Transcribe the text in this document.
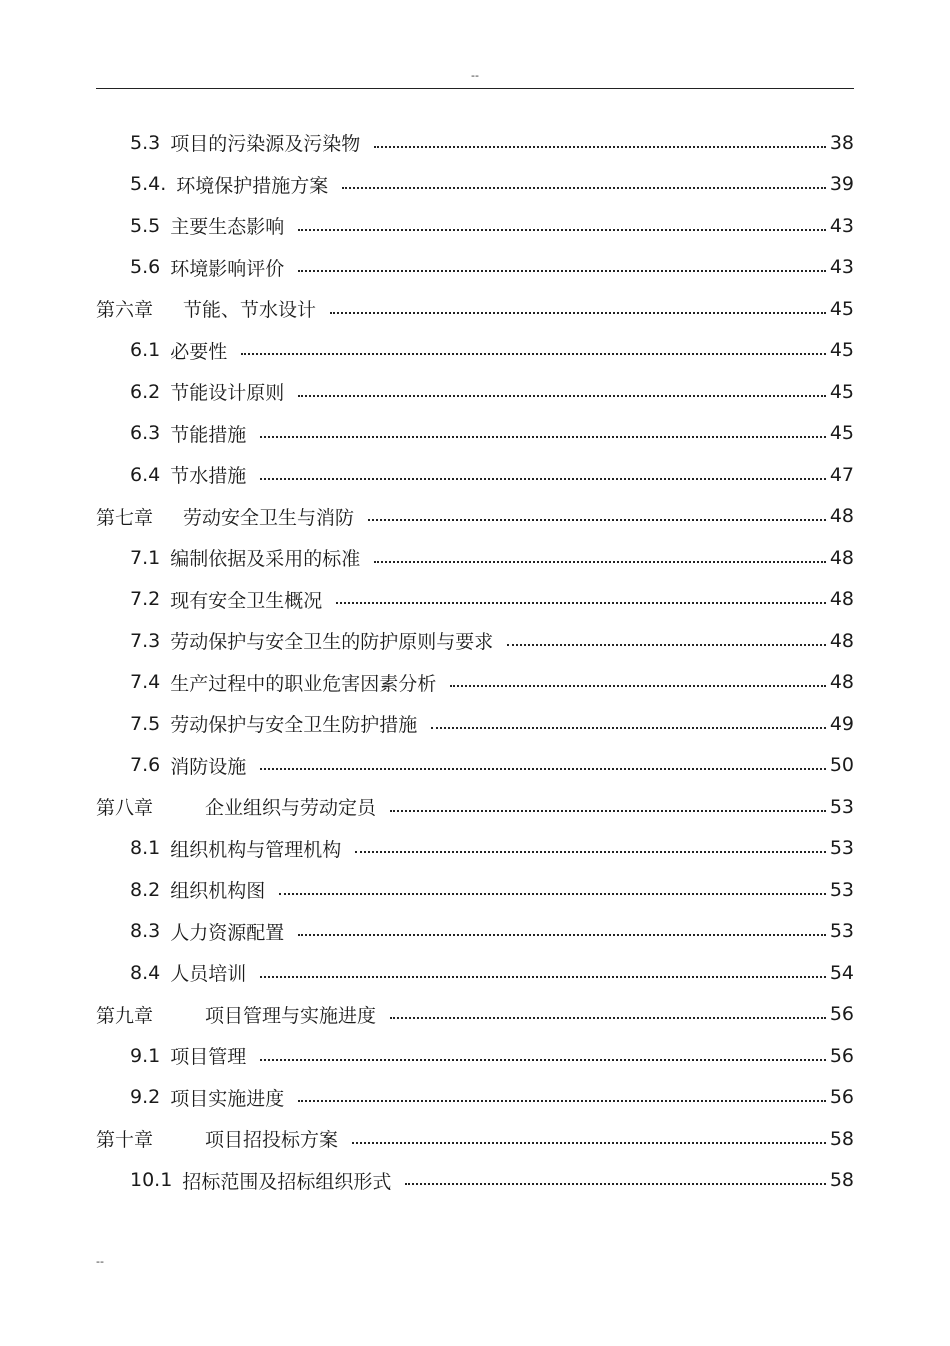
--
5.3 项目的污染源及污染物	38
5.4. 环境保护措施方案	39
5.5 主要生态影响	43
5.6 环境影响评价	43
第六章 节能、节水设计	45
6.1 必要性	45
6.2 节能设计原则	45
6.3 节能措施	45
6.4 节水措施	47
第七章 劳动安全卫生与消防	48
7.1 编制依据及采用的标准	48
7.2 现有安全卫生概况	48
7.3 劳动保护与安全卫生的防护原则与要求	48
7.4 生产过程中的职业危害因素分析	48
7.5 劳动保护与安全卫生防护措施	49
7.6 消防设施	50
第八章	企业组织与劳动定员	53
8.1 组织机构与管理机构	53
8.2 组织机构图	53
8.3 人力资源配置	53
8.4 人员培训	54
第九章	项目管理与实施进度	56
9.1 项目管理	56
9.2 项目实施进度	56
第十章	项目招投标方案	58
10.1 招标范围及招标组织形式	58
--
